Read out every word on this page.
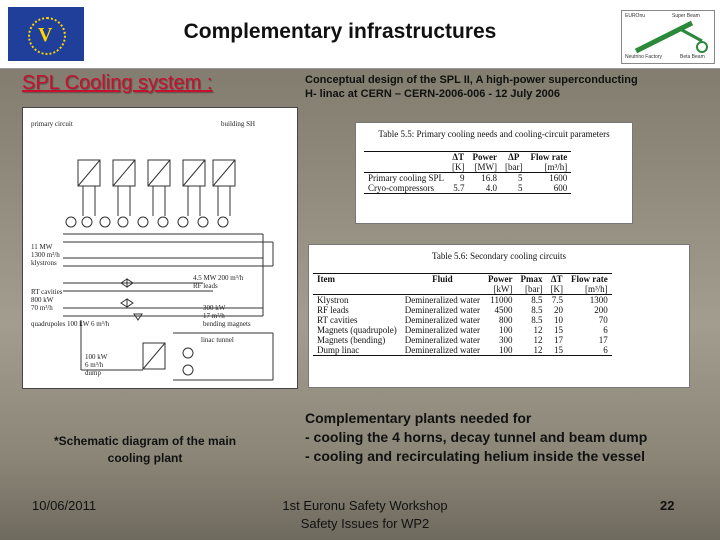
V	Complementary infrastructures
EUROnu	Super Beam
Neutrino Factory	Beta Beam
SPL Cooling system :	Conceptual design of the SPL II, A high-power superconducting
H- linac at CERN – CERN-2006-006 - 12 July 2006
primary circuit	building SH
11 MW
1300 m³/h
klystrons
4.5 MW 200 m³/h
RF leads
RT cavities
800 kW
70 m³/h
quadrupoles 100 kW 6 m³/h
300 kW
17 m³/h
bending magnets
linac tunnel
100 kW
6 m³/h
dump
*Schematic diagram of the main
cooling plant
Table 5.5: Primary cooling needs and cooling-circuit parameters
	ΔT	Power	ΔP	Flow rate
	[K]	[MW]	[bar]	[m³/h]
Primary cooling SPL	9	16.8	5	1600
Cryo-compressors	5.7	4.0	5	600
Table 5.6: Secondary cooling circuits
Item	Fluid	Power	Pmax	ΔT	Flow rate
		[kW]	[bar]	[K]	[m³/h]
Klystron	Demineralized water	11000	8.5	7.5	1300
RF leads	Demineralized water	4500	8.5	20	200
RT cavities	Demineralized water	800	8.5	10	70
Magnets (quadrupole)	Demineralized water	100	12	15	6
Magnets (bending)	Demineralized water	300	12	17	17
Dump linac	Demineralized water	100	12	15	6
Complementary plants needed for
- cooling the 4 horns, decay tunnel and beam dump
- cooling and recirculating helium inside the vessel
10/06/2011	1st Euronu Safety Workshop
Safety Issues for WP2
22
